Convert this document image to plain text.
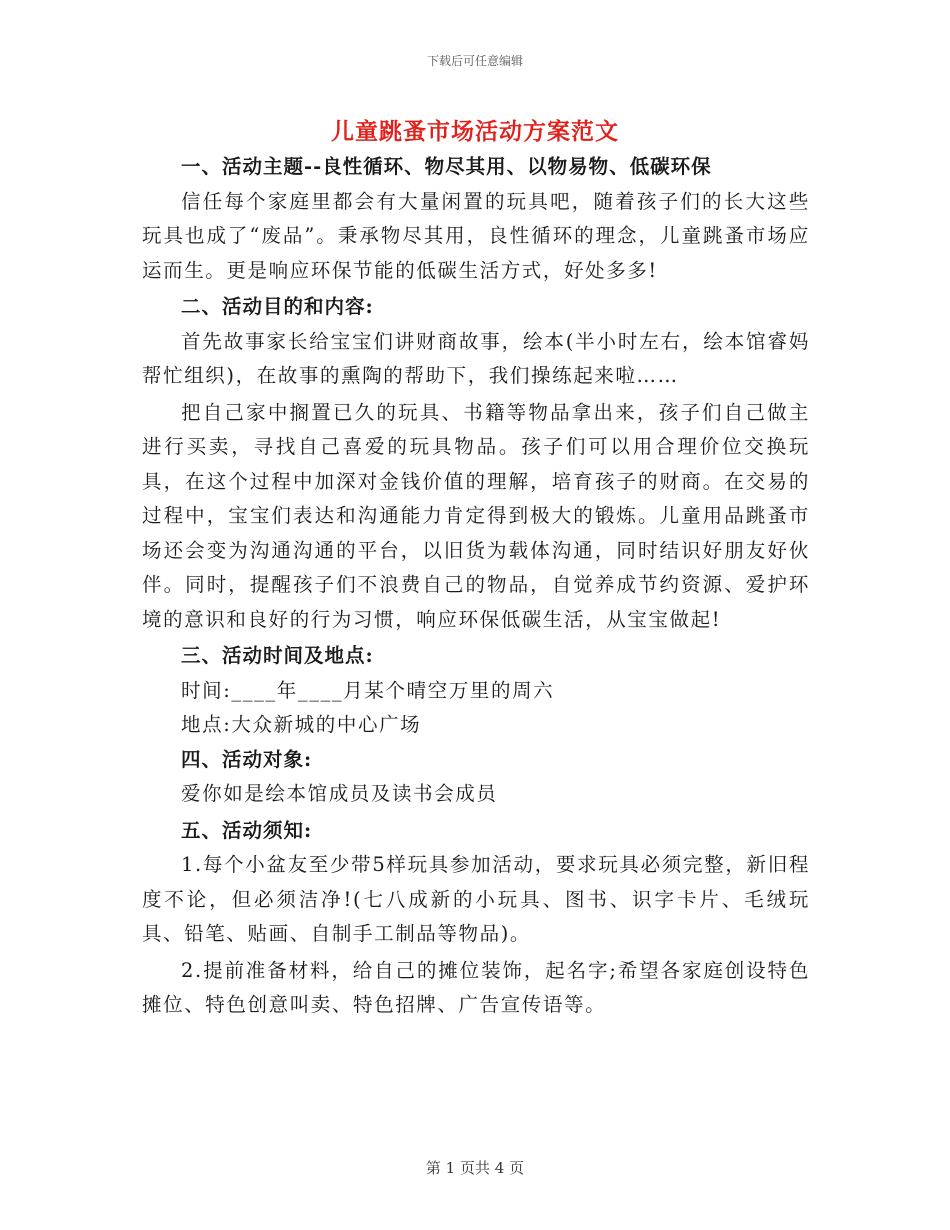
下载后可任意编辑
儿童跳蚤市场活动方案范文
一、活动主题--良性循环、物尽其用、以物易物、低碳环保

信任每个家庭里都会有大量闲置的玩具吧，随着孩子们的长大这些玩具也成了“废品”。秉承物尽其用，良性循环的理念，儿童跳蚤市场应运而生。更是响应环保节能的低碳生活方式，好处多多!

二、活动目的和内容:

首先故事家长给宝宝们讲财商故事，绘本(半小时左右，绘本馆睿妈帮忙组织)，在故事的熏陶的帮助下，我们操练起来啦……

把自己家中搁置已久的玩具、书籍等物品拿出来，孩子们自己做主进行买卖，寻找自己喜爱的玩具物品。孩子们可以用合理价位交换玩具，在这个过程中加深对金钱价值的理解，培育孩子的财商。在交易的过程中，宝宝们表达和沟通能力肯定得到极大的锻炼。儿童用品跳蚤市场还会变为沟通沟通的平台，以旧货为载体沟通，同时结识好朋友好伙伴。同时，提醒孩子们不浪费自己的物品，自觉养成节约资源、爱护环境的意识和良好的行为习惯，响应环保低碳生活，从宝宝做起!

三、活动时间及地点:

时间:____年____月某个晴空万里的周六

地点:大众新城的中心广场

四、活动对象:

爱你如是绘本馆成员及读书会成员

五、活动须知:

1.每个小盆友至少带5样玩具参加活动，要求玩具必须完整，新旧程度不论，但必须洁净!(七八成新的小玩具、图书、识字卡片、毛绒玩具、铅笔、贴画、自制手工制品等物品)。

2.提前准备材料，给自己的摊位装饰，起名字;希望各家庭创设特色摊位、特色创意叫卖、特色招牌、广告宣传语等。

第 1 页共 4 页
